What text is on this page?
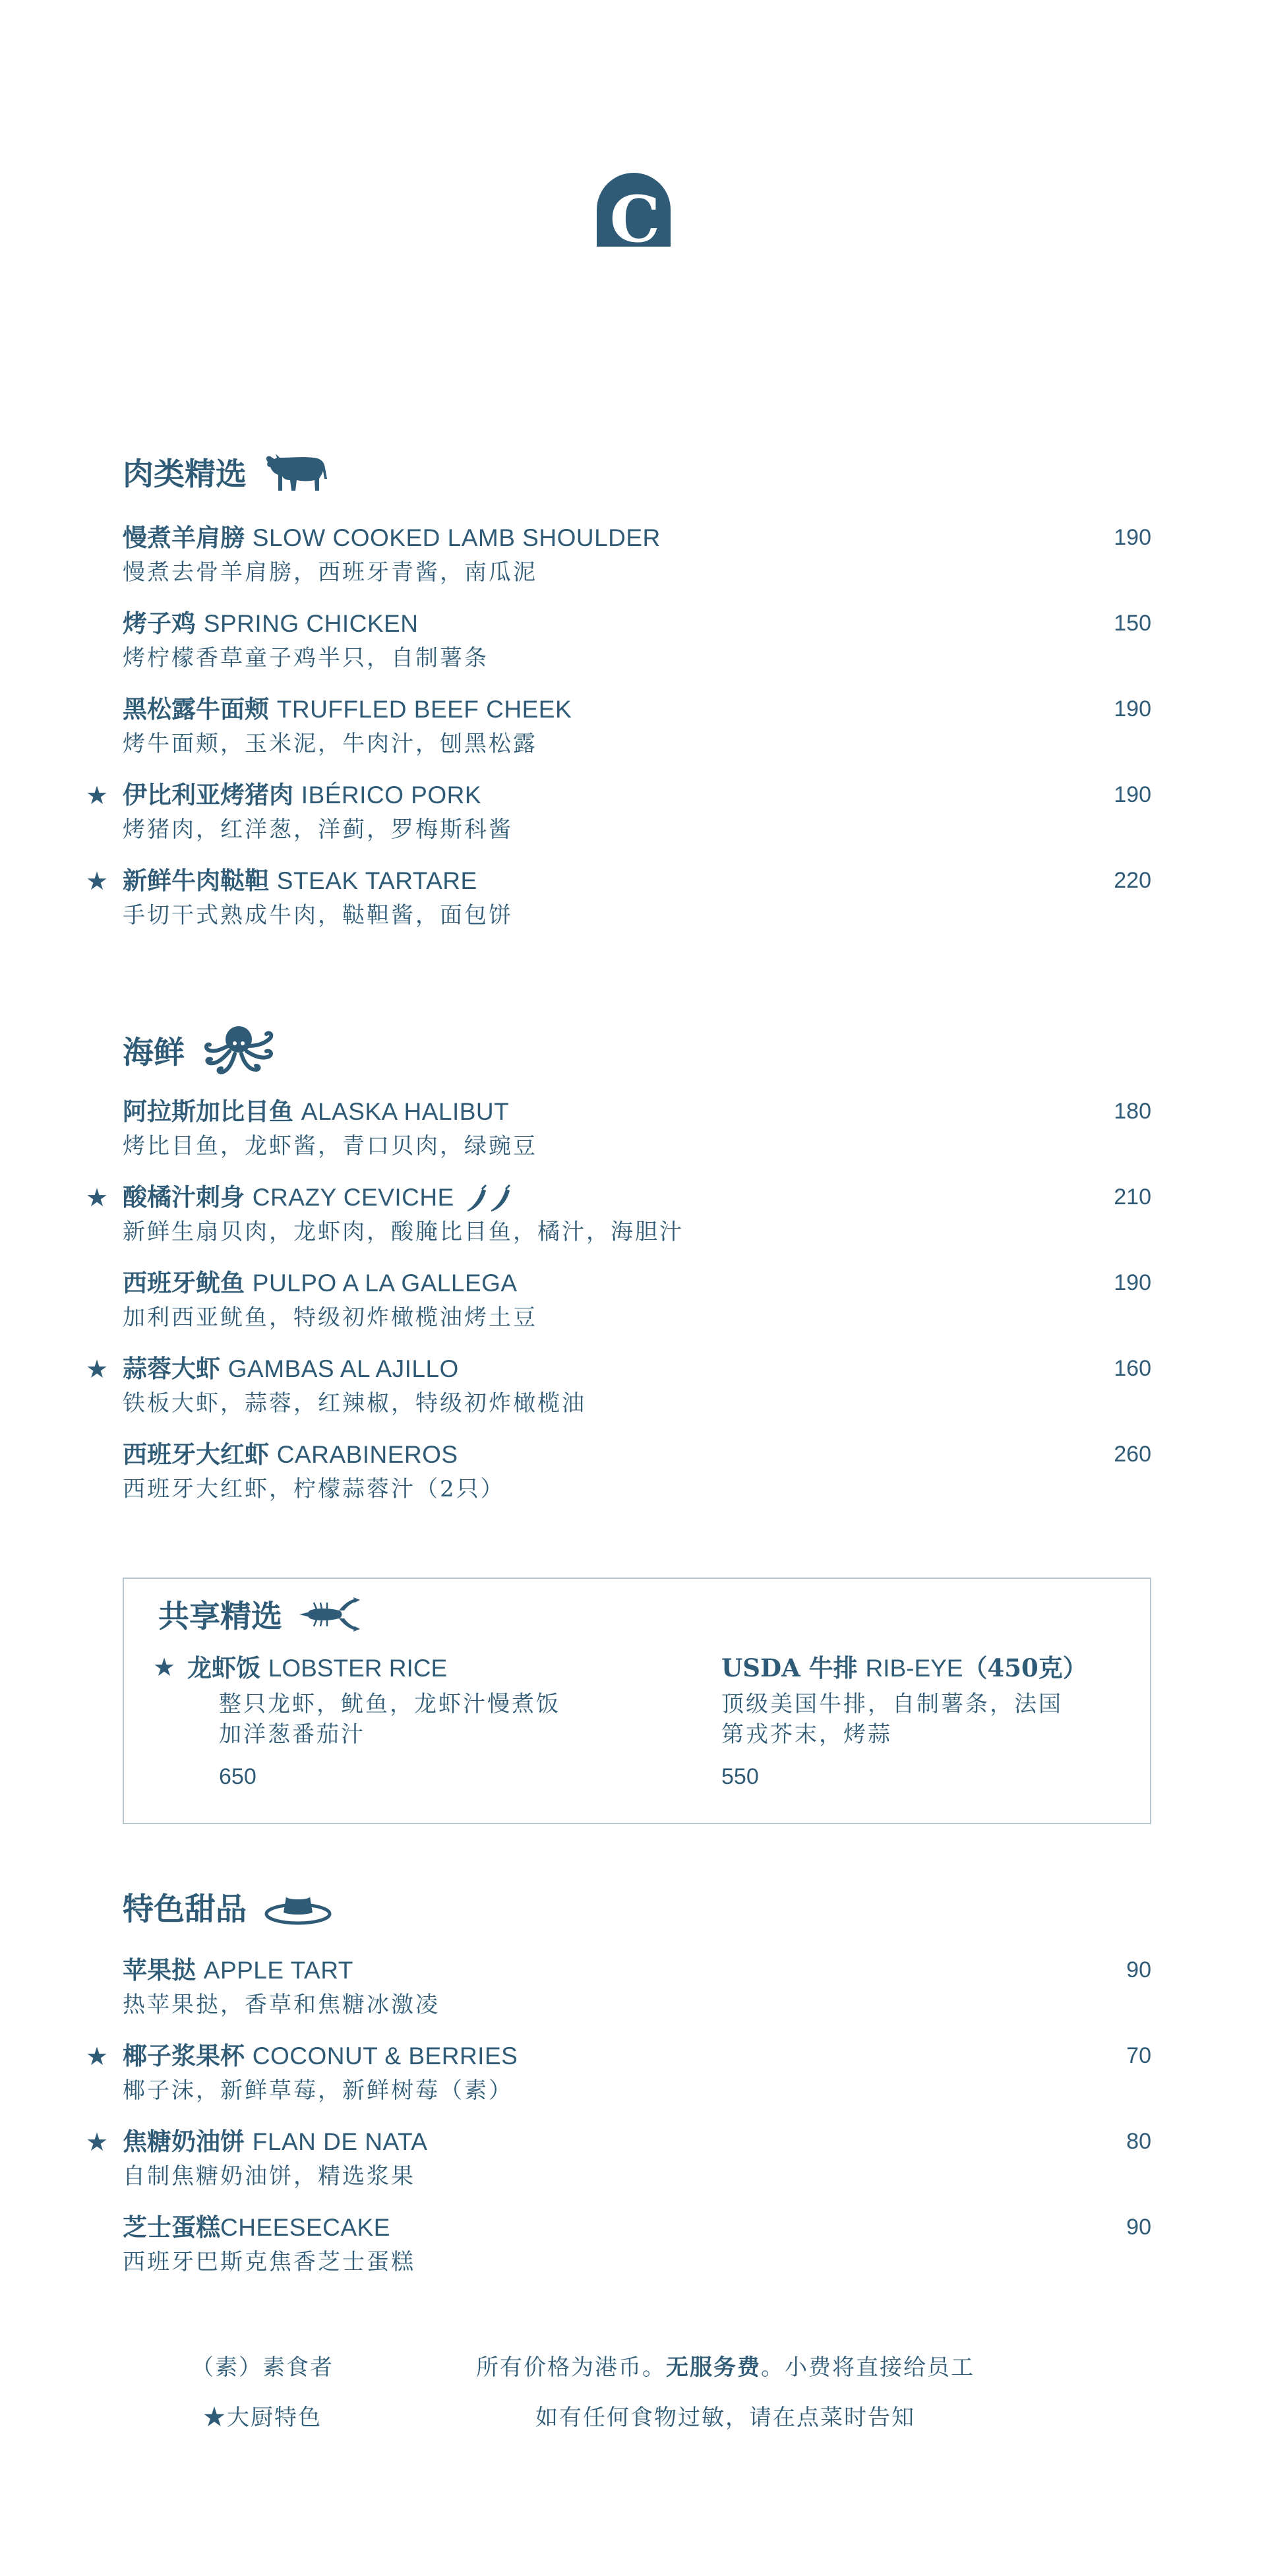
C
肉类精选
慢煮羊肩膀 SLOW COOKED LAMB SHOULDER
慢煮去骨羊肩膀，西班牙青酱，南瓜泥
190
烤子鸡 SPRING CHICKEN
烤柠檬香草童子鸡半只，自制薯条
150
黑松露牛面颊 TRUFFLED BEEF CHEEK
烤牛面颊，玉米泥，牛肉汁，刨黑松露
190
★ 伊比利亚烤猪肉 IBÉRICO PORK
烤猪肉，红洋葱，洋蓟，罗梅斯科酱
190
★ 新鲜牛肉鞑靼 STEAK TARTARE
手切干式熟成牛肉，鞑靼酱，面包饼
220
海鲜
阿拉斯加比目鱼 ALASKA HALIBUT
烤比目鱼，龙虾酱，青口贝肉，绿豌豆
180
★ 酸橘汁刺身 CRAZY CEVICHE
新鲜生扇贝肉，龙虾肉，酸腌比目鱼，橘汁，海胆汁
210
西班牙鱿鱼 PULPO A LA GALLEGA
加利西亚鱿鱼，特级初炸橄榄油烤土豆
190
★ 蒜蓉大虾 GAMBAS AL AJILLO
铁板大虾，蒜蓉，红辣椒，特级初炸橄榄油
160
西班牙大红虾 CARABINEROS
西班牙大红虾，柠檬蒜蓉汁（2只）
260
共享精选
★ 龙虾饭 LOBSTER RICE
整只龙虾，鱿鱼，龙虾汁慢煮饭
加洋葱番茄汁
650
USDA 牛排 RIB-EYE（450克）
顶级美国牛排，自制薯条，法国
第戎芥末，烤蒜
550
特色甜品
苹果挞 APPLE TART
热苹果挞，香草和焦糖冰激凌
90
★ 椰子浆果杯 COCONUT & BERRIES
椰子沫，新鲜草莓，新鲜树莓（素）
70
★ 焦糖奶油饼 FLAN DE NATA
自制焦糖奶油饼，精选浆果
80
芝士蛋糕CHEESECAKE
西班牙巴斯克焦香芝士蛋糕
90
（素）素食者
★大厨特色
所有价格为港币。无服务费。小费将直接给员工
如有任何食物过敏，请在点菜时告知
